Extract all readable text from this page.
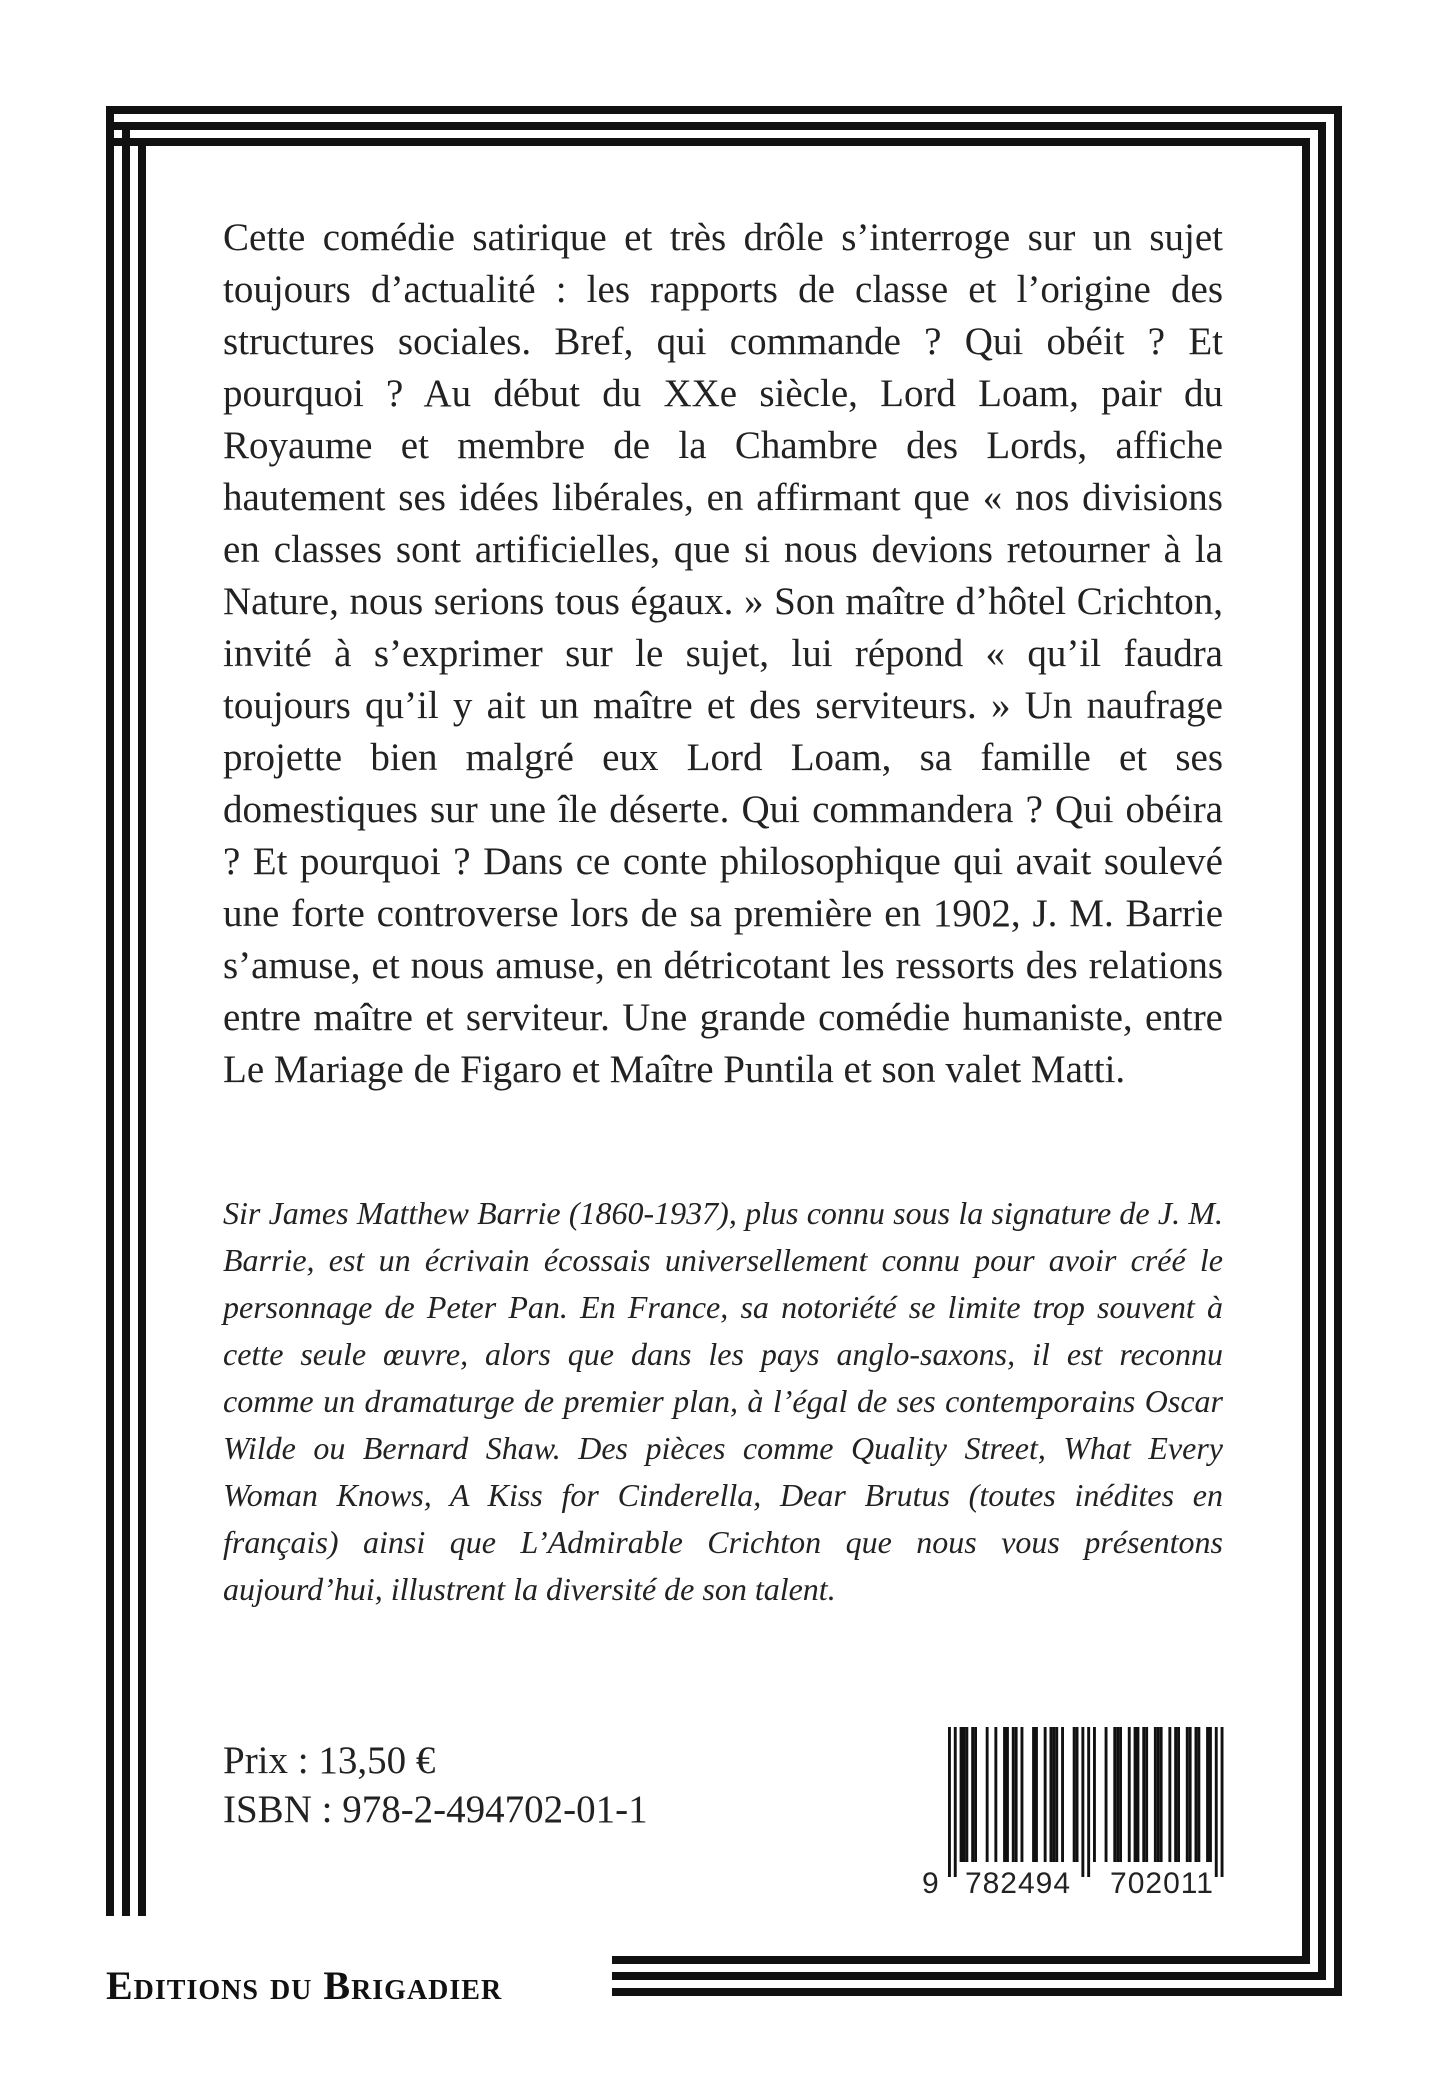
Cette comédie satirique et très drôle s’interroge sur un sujet toujours d’actualité : les rapports de classe et l’origine des structures sociales. Bref, qui commande ? Qui obéit ? Et pourquoi ? Au début du XXe siècle, Lord Loam, pair du Royaume et membre de la Chambre des Lords, affiche hautement ses idées libérales, en affirmant que « nos divisions en classes sont artificielles, que si nous devions retourner à la Nature, nous serions tous égaux. » Son maître d’hôtel Crichton, invité à s’exprimer sur le sujet, lui répond « qu’il faudra toujours qu’il y ait un maître et des serviteurs. » Un naufrage projette bien malgré eux Lord Loam, sa famille et ses domestiques sur une île déserte. Qui commandera ? Qui obéira ? Et pourquoi ? Dans ce conte philosophique qui avait soulevé une forte controverse lors de sa première en 1902, J. M. Barrie s’amuse, et nous amuse, en détricotant les ressorts des relations entre maître et serviteur. Une grande comédie humaniste, entre Le Mariage de Figaro et Maître Puntila et son valet Matti.

Sir James Matthew Barrie (1860-1937), plus connu sous la signature de J. M. Barrie, est un écrivain écossais universellement connu pour avoir créé le personnage de Peter Pan. En France, sa notoriété se limite trop souvent à cette seule œuvre, alors que dans les pays anglo-saxons, il est reconnu comme un dramaturge de premier plan, à l’égal de ses contemporains Oscar Wilde ou Bernard Shaw. Des pièces comme Quality Street, What Every Woman Knows, A Kiss for Cinderella, Dear Brutus (toutes inédites en français) ainsi que L’Admirable Crichton que nous vous présentons aujourd’hui, illustrent la diversité de son talent.

Prix : 13,50 €
ISBN : 978-2-494702-01-1
9 782494	702011
Editions du Brigadier
